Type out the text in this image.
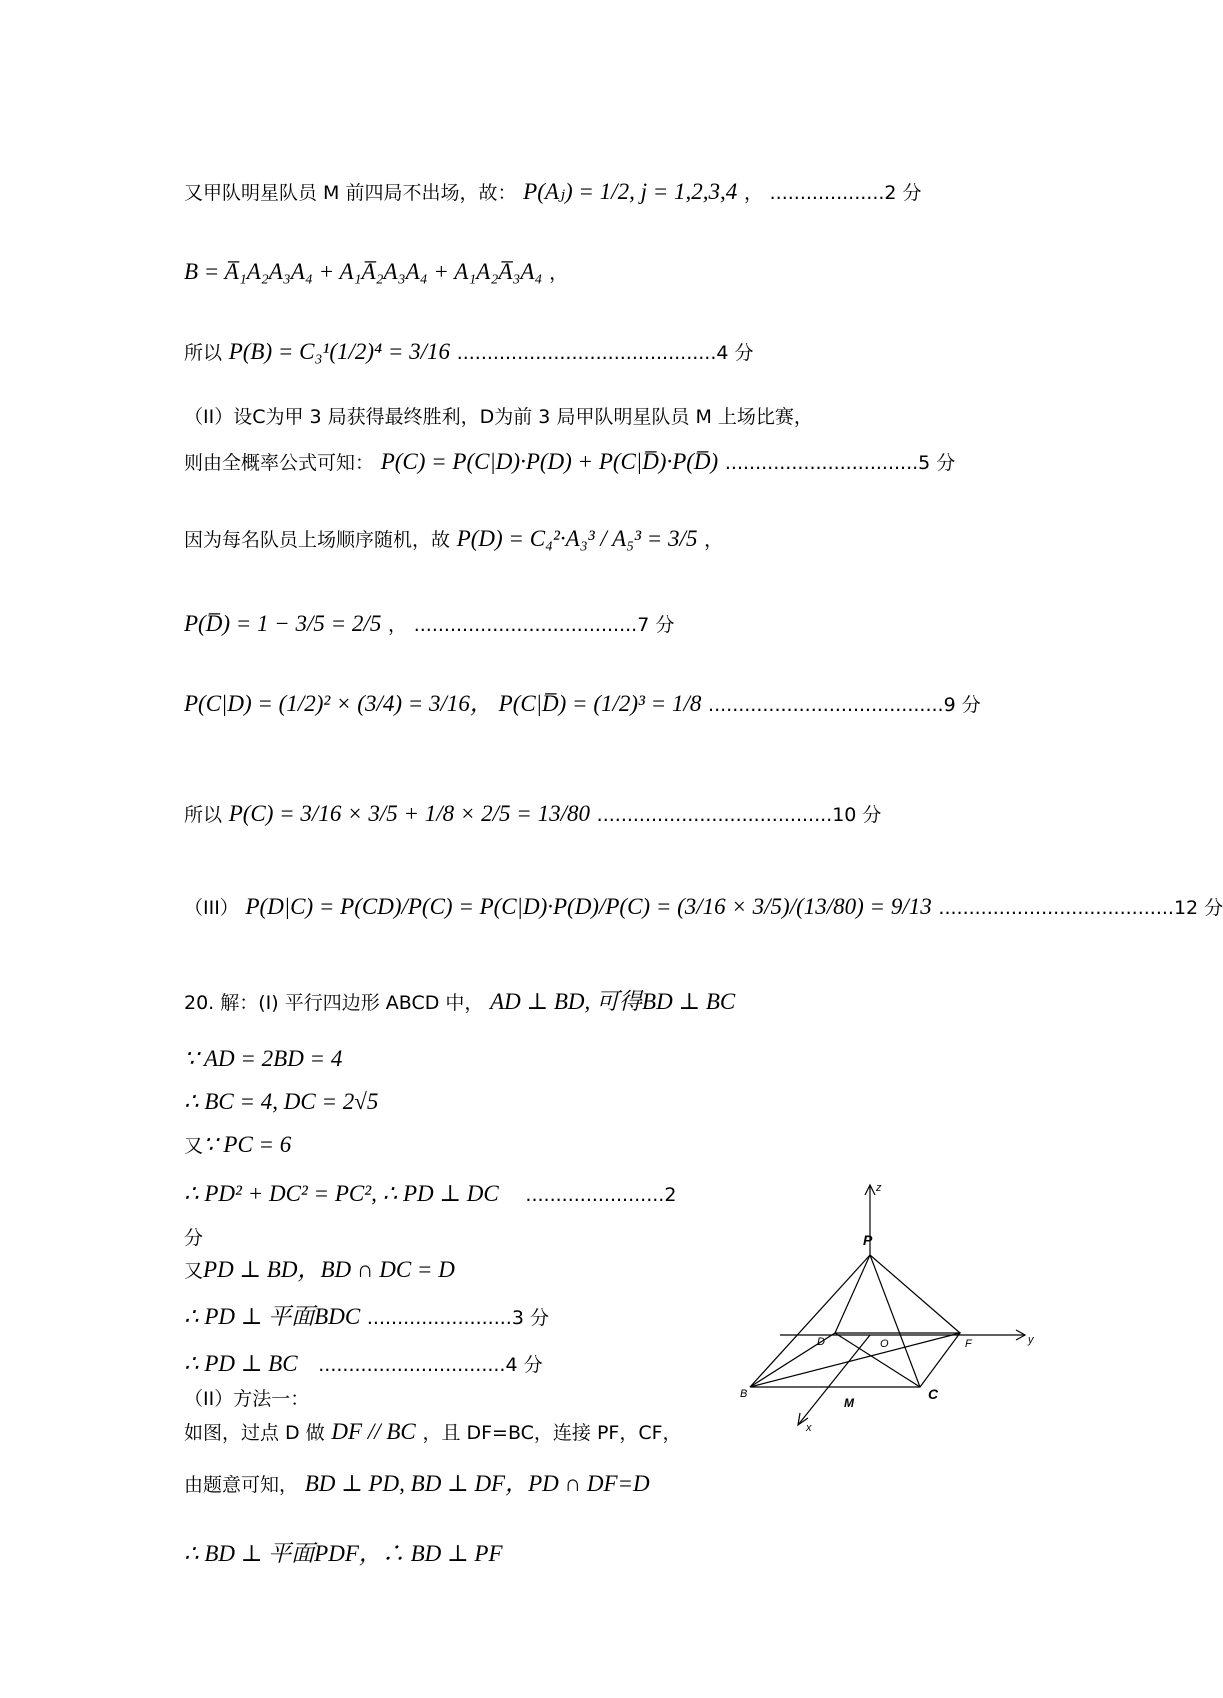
又甲队明星队员 M 前四局不出场，故： P(Aⱼ) = 1/2, j = 1,2,3,4 ， ...................2 分
B = A̅₁A₂A₃A₄ + A₁A̅₂A₃A₄ + A₁A₂A̅₃A₄ ，
所以 P(B) = C₃¹(1/2)⁴ = 3/16 ...........................................4 分
（II）设C为甲 3 局获得最终胜利，D为前 3 局甲队明星队员 M 上场比赛，
则由全概率公式可知： P(C) = P(C|D)·P(D) + P(C|D̅)·P(D̅) ................................5 分
因为每名队员上场顺序随机，故 P(D) = C₄²·A₃³ / A₅³ = 3/5 ，
P(D̅) = 1 − 3/5 = 2/5 ， .....................................7 分
P(C|D) = (1/2)² × (3/4) = 3/16， P(C|D̅) = (1/2)³ = 1/8 .......................................9 分
所以 P(C) = 3/16 × 3/5 + 1/8 × 2/5 = 13/80 .......................................10 分
（III） P(D|C) = P(CD)/P(C) = P(C|D)·P(D)/P(C) = (3/16 × 3/5)/(13/80) = 9/13 .......................................12 分
20. 解：(I) 平行四边形 ABCD 中， AD ⊥ BD, 可得BD ⊥ BC
∵ AD = 2BD = 4
∴ BC = 4, DC = 2√5
又∵ PC = 6
∴ PD² + DC² = PC², ∴ PD ⊥ DC .......................2
分
又PD ⊥ BD，BD ∩ DC = D
∴ PD ⊥ 平面BDC ........................3 分
∴ PD ⊥ BC ...............................4 分
（II）方法一：
如图，过点 D 做 DF // BC ，且 DF=BC，连接 PF，CF，
由题意可知， BD ⊥ PD, BD ⊥ DF，PD ∩ DF=D
∴ BD ⊥ 平面PDF，∴ BD ⊥ PF
z
y
x
P
D	O	F
B	C
M
